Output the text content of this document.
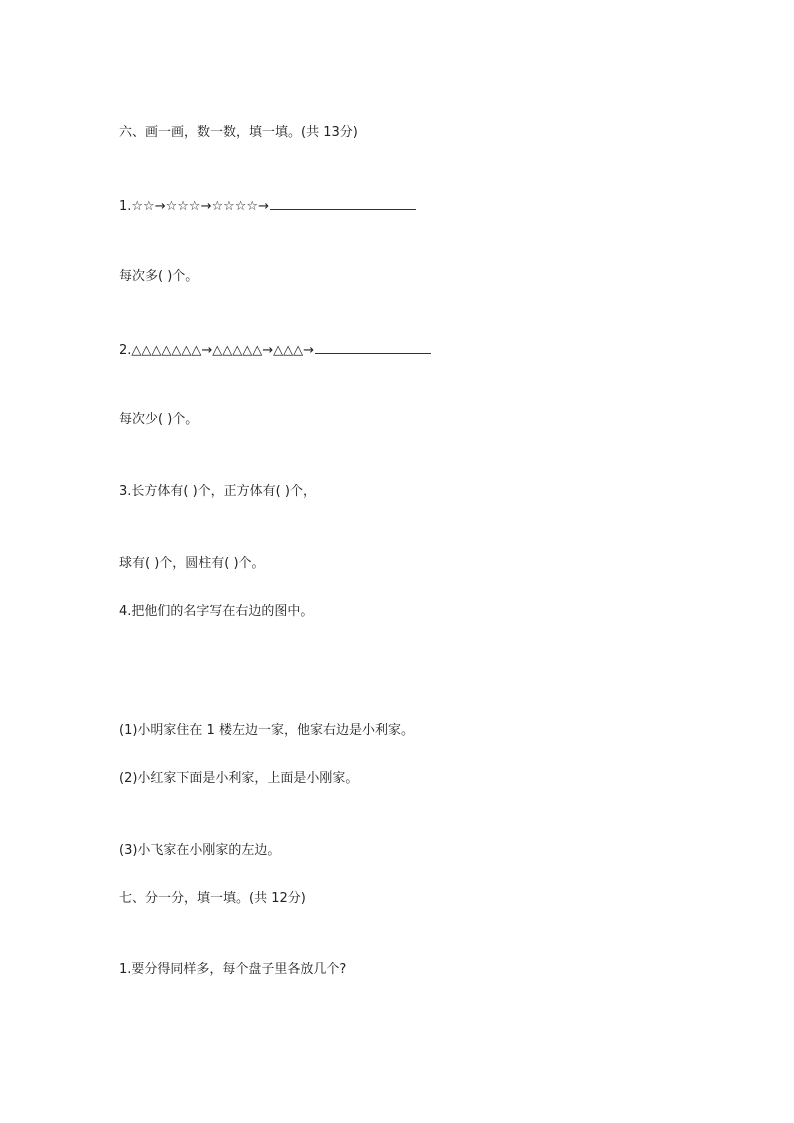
六、画一画，数一数，填一填。(共 13分)
1.☆☆→☆☆☆→☆☆☆☆→
每次多( )个。
2.△△△△△△△→△△△△△→△△△→
每次少( )个。
3.长方体有( )个，正方体有( )个，
球有( )个，圆柱有( )个。
4.把他们的名字写在右边的图中。
(1)小明家住在 1 楼左边一家，他家右边是小利家。
(2)小红家下面是小利家，上面是小刚家。
(3)小飞家在小刚家的左边。
七、分一分，填一填。(共 12分)
1.要分得同样多，每个盘子里各放几个?
